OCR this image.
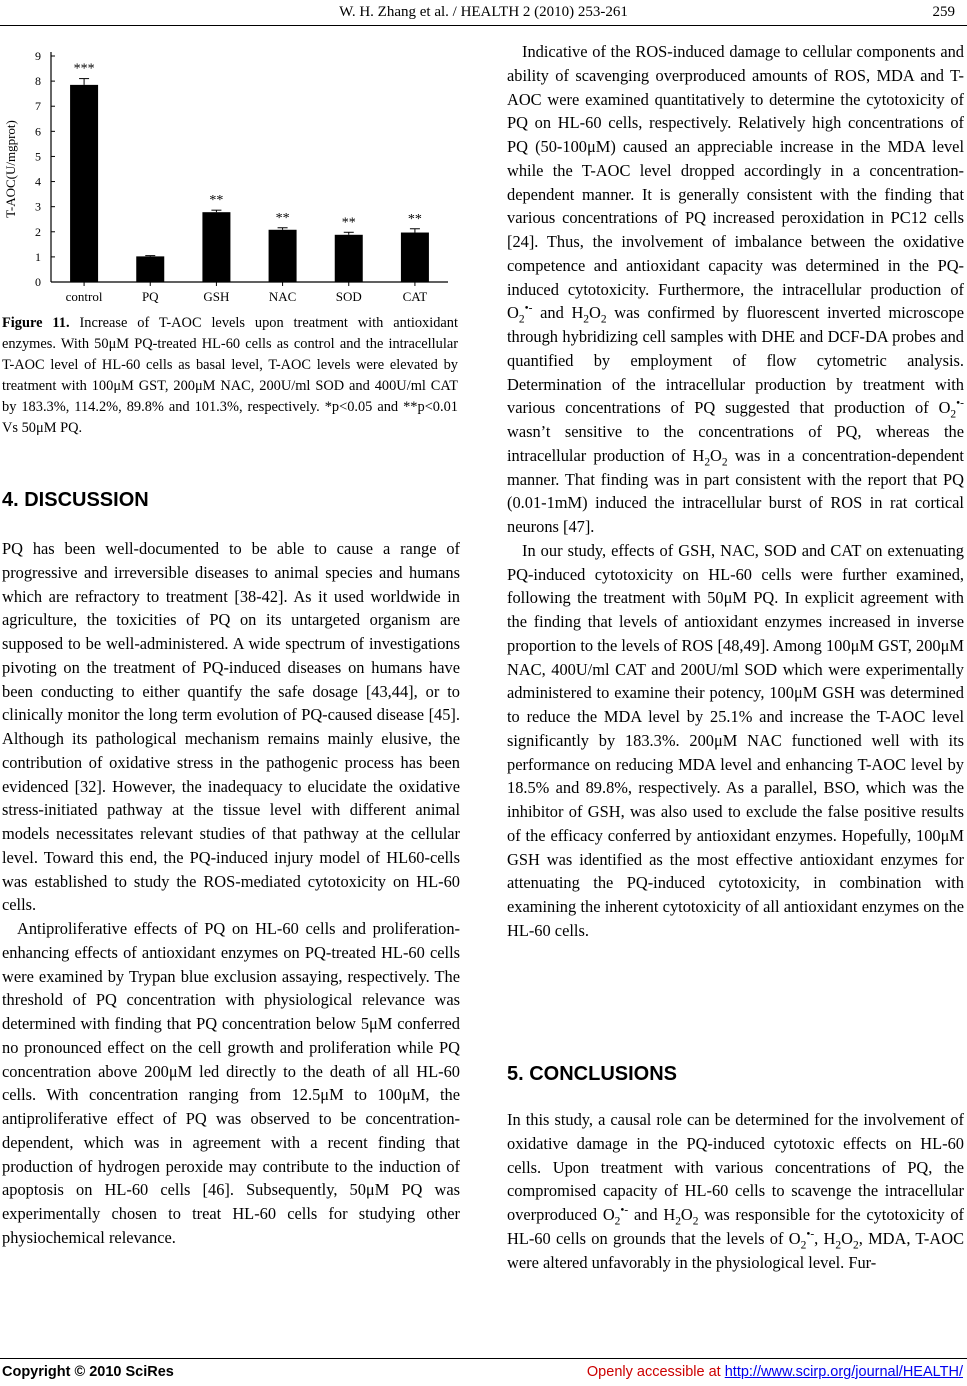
W. H. Zhang et al. / HEALTH 2 (2010) 253-261	259
0
1
2
3
4
5
6
7
8
9
T-AOC(U/mgprot)
control
***
PQ	GSH
**
NAC
**
SOD
**
CAT
**
Figure 11. Increase of T-AOC levels upon treatment with antioxidant enzymes. With 50μM PQ-treated HL-60 cells as control and the intracellular T-AOC level of HL-60 cells as basal level, T-AOC levels were elevated by treatment with 100μM GST, 200μM NAC, 200U/ml SOD and 400U/ml CAT by 183.3%, 114.2%, 89.8% and 101.3%, respectively. *p<0.05 and **p<0.01 Vs 50μM PQ.
4. DISCUSSION

PQ has been well-documented to be able to cause a range of progressive and irreversible diseases to animal species and humans which are refractory to treatment [38-42]. As it used worldwide in agriculture, the toxicities of PQ on its untargeted organism are supposed to be well-administered. A wide spectrum of investigations pivoting on the treatment of PQ-induced diseases on humans have been conducting to either quantify the safe dosage [43,44], or to clinically monitor the long term evolution of PQ-caused disease [45]. Although its pathological mechanism remains mainly elusive, the contribution of oxidative stress in the pathogenic process has been evidenced [32]. However, the inadequacy to elucidate the oxidative stress-initiated pathway at the tissue level with different animal models necessitates relevant studies of that pathway at the cellular level. Toward this end, the PQ-induced injury model of HL60-cells was established to study the ROS-mediated cytotoxicity on HL-60 cells.

Antiproliferative effects of PQ on HL-60 cells and proliferation-enhancing effects of antioxidant enzymes on PQ-treated HL-60 cells were examined by Trypan blue exclusion assaying, respectively. The threshold of PQ concentration with physiological relevance was determined with finding that PQ concentration below 5μM conferred no pronounced effect on the cell growth and proliferation while PQ concentration above 200μM led directly to the death of all HL-60 cells. With concentration ranging from 12.5μM to 100μM, the antiproliferative effect of PQ was observed to be concentration-dependent, which was in agreement with a recent finding that production of hydrogen peroxide may contribute to the induction of apoptosis on HL-60 cells [46]. Subsequently, 50μM PQ was experimentally chosen to treat HL-60 cells for studying other physiochemical relevance.

Indicative of the ROS-induced damage to cellular components and ability of scavenging overproduced amounts of ROS, MDA and T-AOC were examined quantitatively to determine the cytotoxicity of PQ on HL-60 cells, respectively. Relatively high concentrations of PQ (50-100μM) caused an appreciable increase in the MDA level while the T-AOC level dropped accordingly in a concentration-dependent manner. It is generally consistent with the finding that various concentrations of PQ increased peroxidation in PC12 cells [24]. Thus, the involvement of imbalance between the oxidative competence and antioxidant capacity was determined in the PQ-induced cytotoxicity. Furthermore, the intracellular production of $O_2^{•-}$ and $H_2O_2$ was confirmed by fluorescent inverted microscope through hybridizing cell samples with DHE and DCF-DA probes and quantified by employment of flow cytometric analysis. Determination of the intracellular production by treatment with various concentrations of PQ suggested that production of $O_2^{•-}$ wasn’t sensitive to the concentrations of PQ, whereas the intracellular production of $H_2O_2$ was in a concentration-dependent manner. That finding was in part consistent with the report that PQ (0.01-1mM) induced the intracellular burst of ROS in rat cortical neurons [47].

In our study, effects of GSH, NAC, SOD and CAT on extenuating PQ-induced cytotoxicity on HL-60 cells were further examined, following the treatment with 50μM PQ. In explicit agreement with the finding that levels of antioxidant enzymes increased in inverse proportion to the levels of ROS [48,49]. Among 100μM GST, 200μM NAC, 400U/ml CAT and 200U/ml SOD which were experimentally administered to examine their potency, 100μM GSH was determined to reduce the MDA level by 25.1% and increase the T-AOC level significantly by 183.3%. 200μM NAC functioned well with its performance on reducing MDA level and enhancing T-AOC level by 18.5% and 89.8%, respectively. As a parallel, BSO, which was the inhibitor of GSH, was also used to exclude the false positive results of the efficacy conferred by antioxidant enzymes. Hopefully, 100μM GSH was identified as the most effective antioxidant enzymes for attenuating the PQ-induced cytotoxicity, in combination with examining the inherent cytotoxicity of all antioxidant enzymes on the HL-60 cells.

5. CONCLUSIONS

In this study, a causal role can be determined for the involvement of oxidative damage in the PQ-induced cytotoxic effects on HL-60 cells. Upon treatment with various concentrations of PQ, the compromised capacity of HL-60 cells to scavenge the intracellular overproduced $O_2^{•-}$ and $H_2O_2$ was responsible for the cytotoxicity of HL-60 cells on grounds that the levels of $O_2^{•-}$, $H_2O_2$, MDA, T-AOC were altered unfavorably in the physiological level. Fur-

Copyright © 2010 SciRes	Openly accessible at http://www.scirp.org/journal/HEALTH/
